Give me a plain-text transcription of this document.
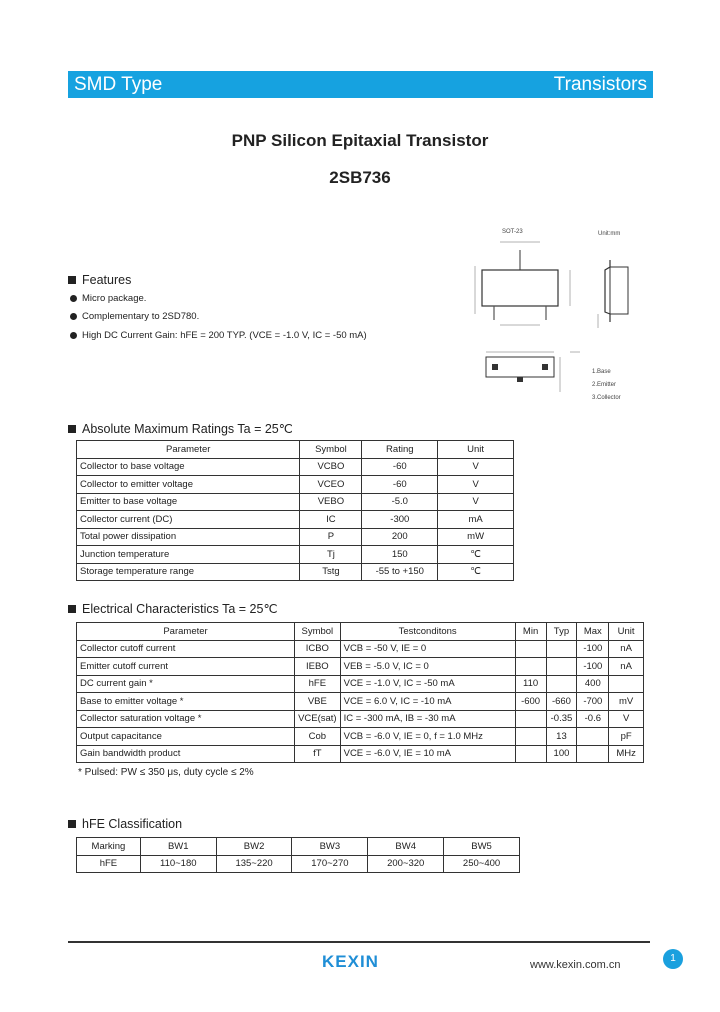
SMD Type	Transistors
PNP Silicon Epitaxial Transistor
2SB736
SOT-23	Unit:mm
1.Base
2.Emitter
3.Collector
Features
Micro package.
Complementary to 2SD780.
High DC Current Gain: hFE = 200 TYP. (VCE = -1.0 V, IC = -50 mA)
Absolute Maximum Ratings Ta = 25℃
Parameter	Symbol	Rating	Unit
Collector to base voltage	VCBO	-60	V
Collector to emitter voltage	VCEO	-60	V
Emitter to base voltage	VEBO	-5.0	V
Collector current (DC)	IC	-300	mA
Total power dissipation	P	200	mW
Junction temperature	Tj	150	℃
Storage temperature range	Tstg	-55 to +150	℃
Electrical Characteristics Ta = 25℃
Parameter	Symbol	Testconditons	Min	Typ	Max	Unit
Collector cutoff current	ICBO	VCB = -50 V, IE = 0			-100	nA
Emitter cutoff current	IEBO	VEB = -5.0 V, IC = 0			-100	nA
DC current gain *	hFE	VCE = -1.0 V, IC = -50 mA	110		400	
Base to emitter voltage *	VBE	VCE = 6.0 V, IC = -10 mA	-600	-660	-700	mV
Collector saturation voltage *	VCE(sat)	IC = -300 mA, IB = -30 mA		-0.35	-0.6	V
Output capacitance	Cob	VCB = -6.0 V, IE = 0, f = 1.0 MHz		13		pF
Gain bandwidth product	fT	VCE = -6.0 V, IE = 10 mA		100		MHz
* Pulsed: PW ≤ 350 μs, duty cycle ≤ 2%
hFE Classification
Marking	BW1	BW2	BW3	BW4	BW5
hFE	110~180	135~220	170~270	200~320	250~400
KEXIN	www.kexin.com.cn
1
